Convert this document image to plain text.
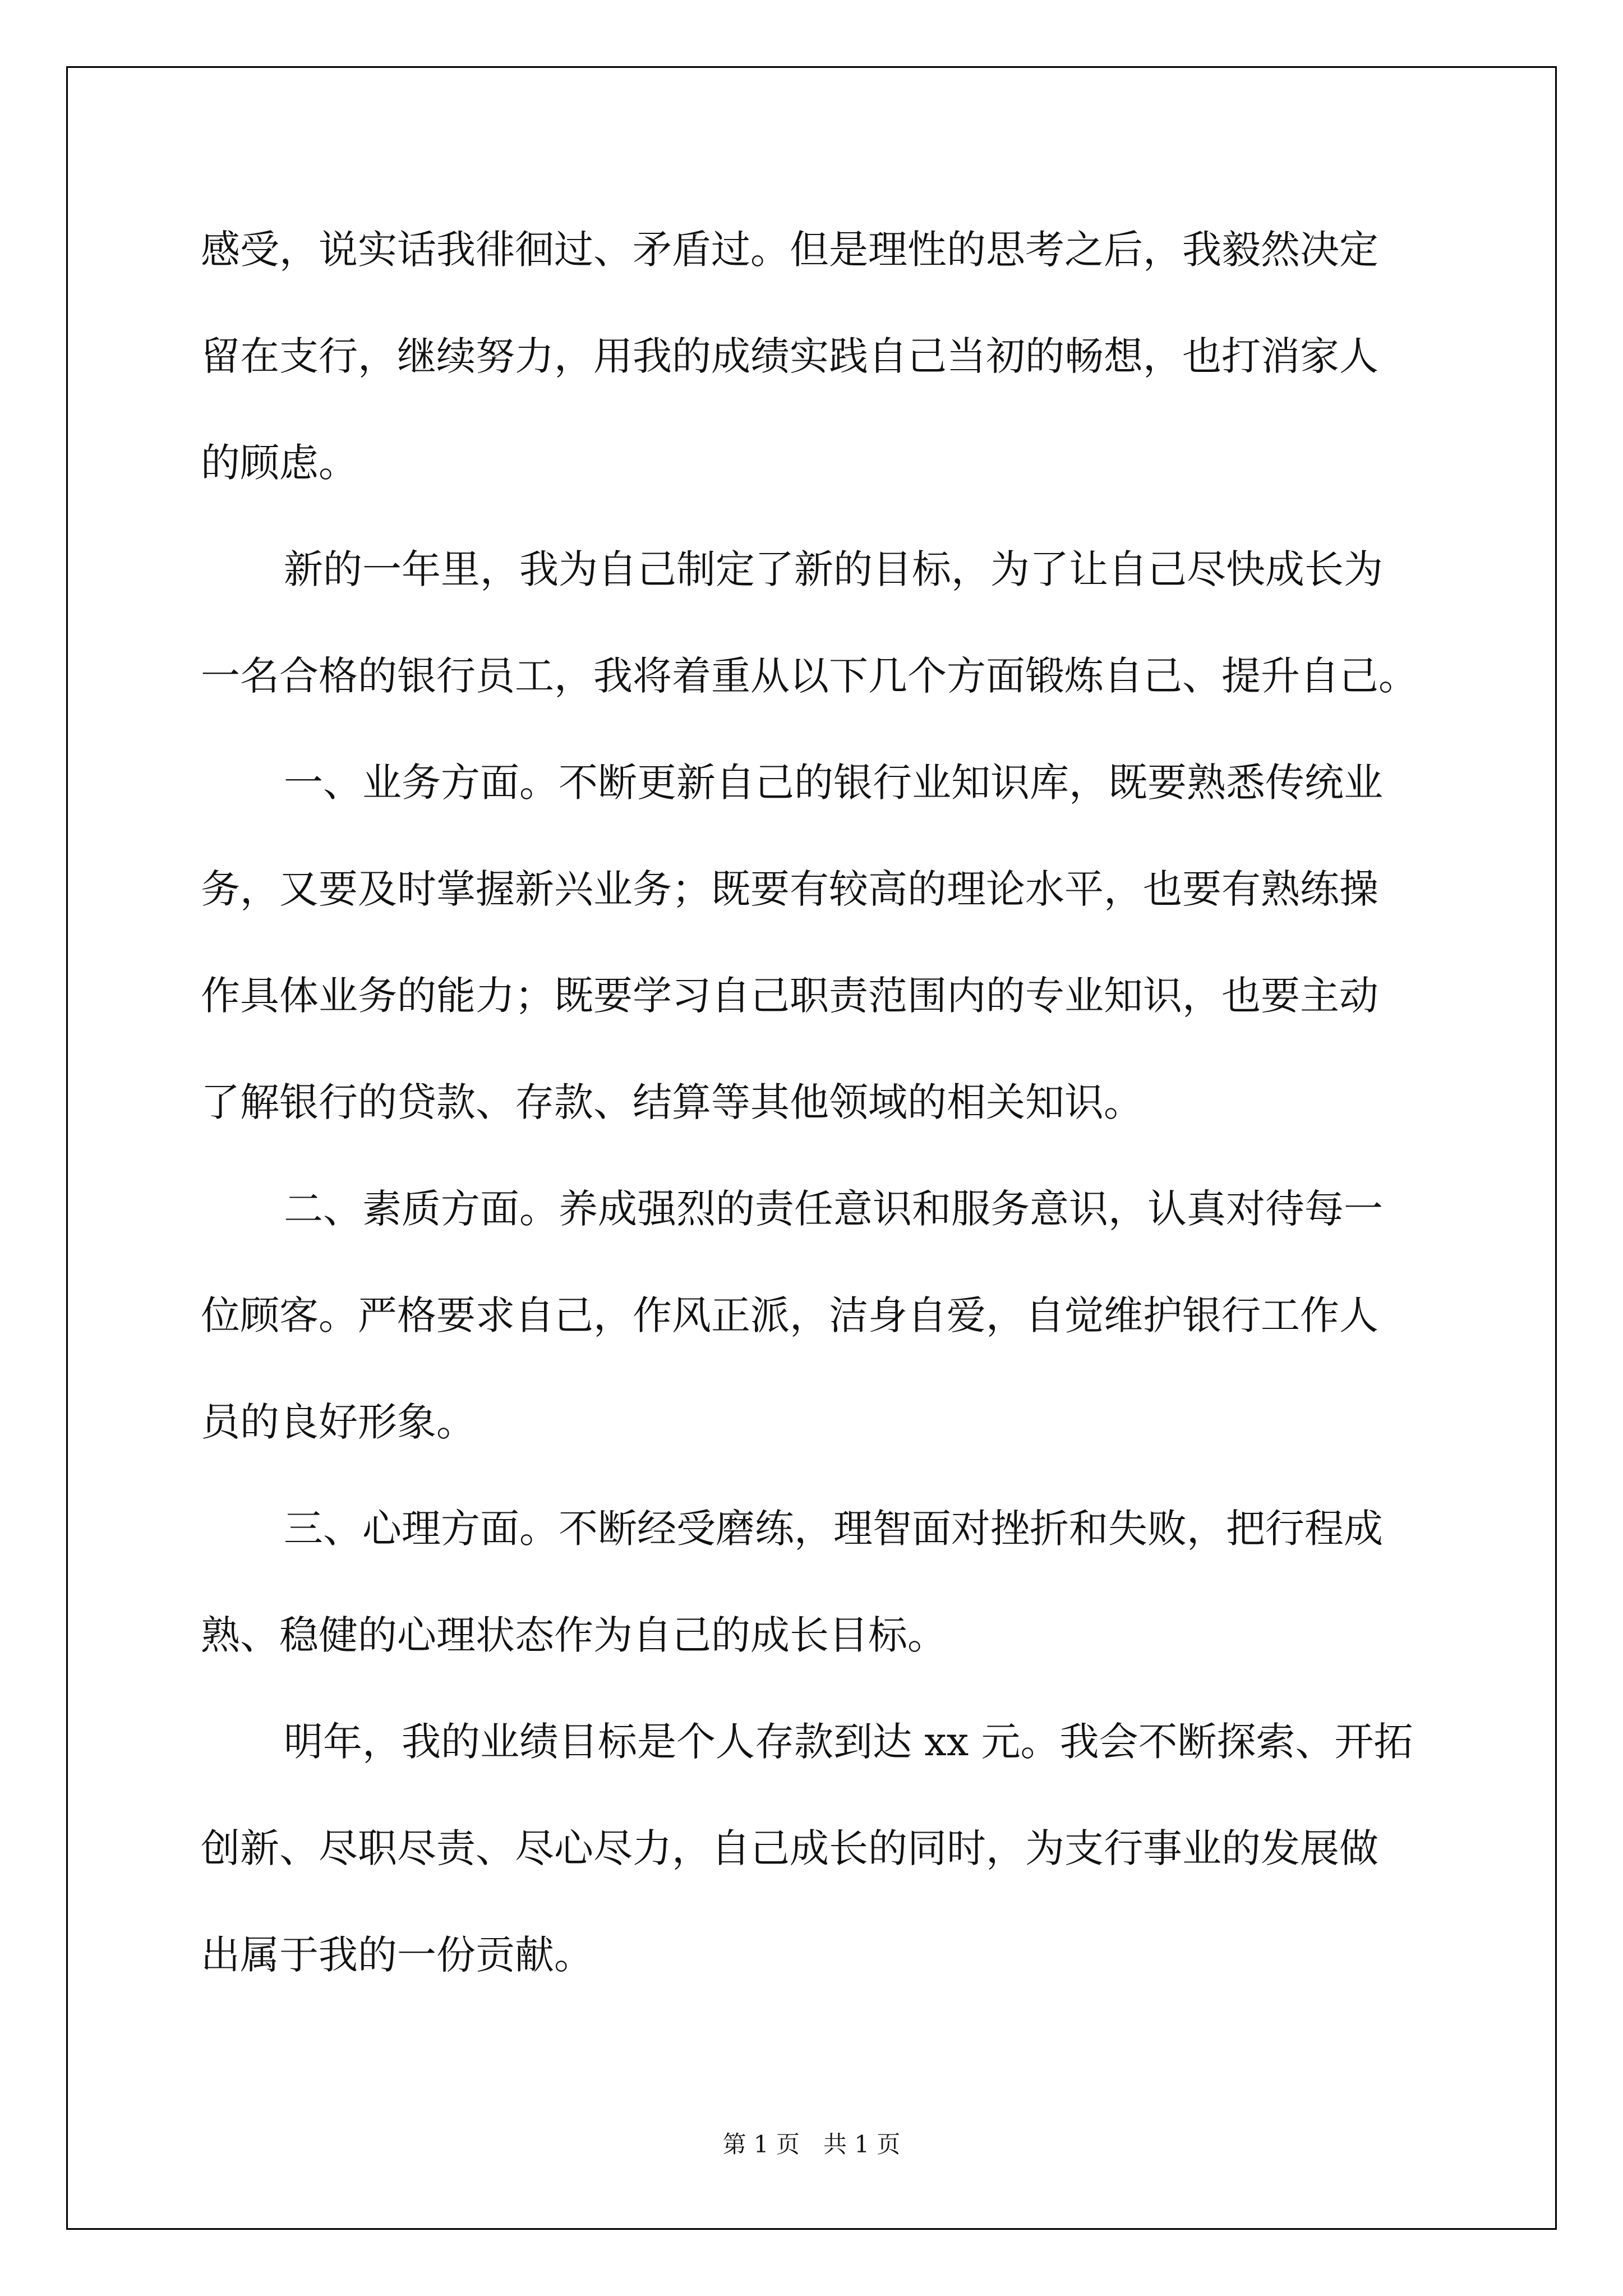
感受，说实话我徘徊过、矛盾过。但是理性的思考之后，我毅然决定
留在支行，继续努力，用我的成绩实践自己当初的畅想，也打消家人
的顾虑。
新的一年里，我为自己制定了新的目标，为了让自己尽快成长为
一名合格的银行员工，我将着重从以下几个方面锻炼自己、提升自己。
一、业务方面。不断更新自己的银行业知识库，既要熟悉传统业
务，又要及时掌握新兴业务；既要有较高的理论水平，也要有熟练操
作具体业务的能力；既要学习自己职责范围内的专业知识，也要主动
了解银行的贷款、存款、结算等其他领域的相关知识。
二、素质方面。养成强烈的责任意识和服务意识，认真对待每一
位顾客。严格要求自己，作风正派，洁身自爱，自觉维护银行工作人
员的良好形象。
三、心理方面。不断经受磨练，理智面对挫折和失败，把行程成
熟、稳健的心理状态作为自己的成长目标。
明年，我的业绩目标是个人存款到达 xx 元。我会不断探索、开拓
创新、尽职尽责、尽心尽力，自己成长的同时，为支行事业的发展做
出属于我的一份贡献。
第 1 页　共 1 页
